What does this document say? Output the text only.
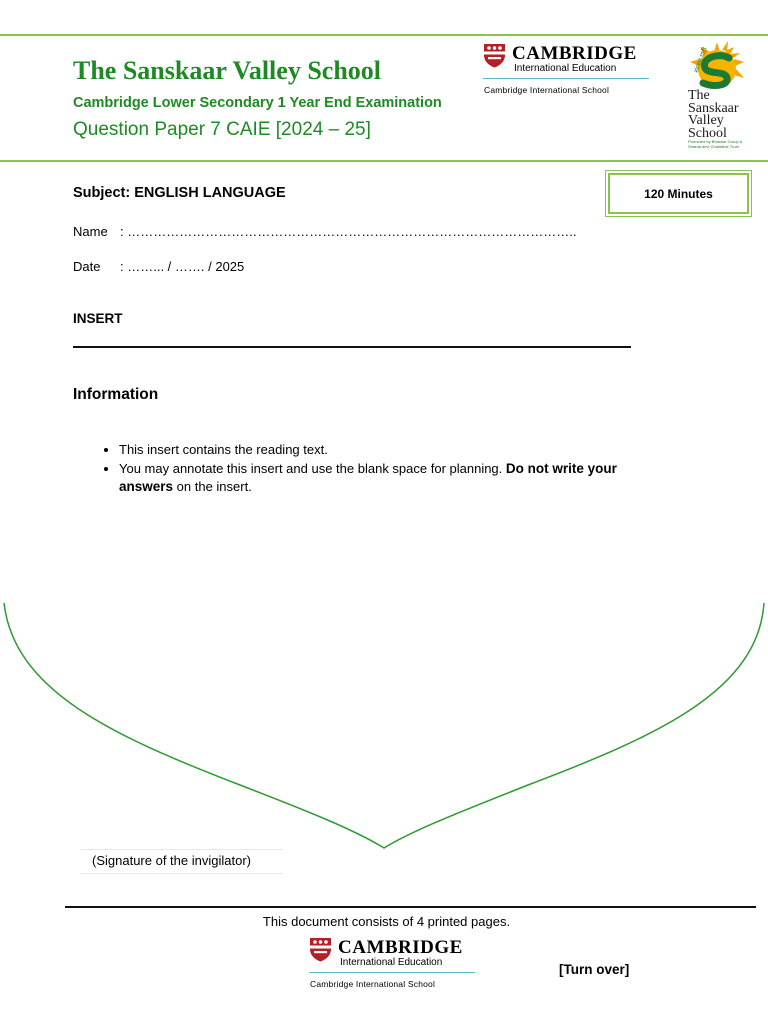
The Sanskaar Valley School
Cambridge Lower Secondary 1 Year End Examination
Question Paper 7 CAIE [2024 – 25]
CAMBRIDGE
International Education
Cambridge International School
संस्कार घाटी
The
Sanskaar
Valley
School
Promoted by Bhaskar Group & Sharda devi Charitable Trust
Subject: ENGLISH LANGUAGE	120 Minutes
Name : …………………………………………………………………………………………..
Date : ……... / ……. / 2025
INSERT
Information
• This insert contains the reading text.
• You may annotate this insert and use the blank space for planning. Do not write your answers on the insert.
(Signature of the invigilator)
This document consists of 4 printed pages.
CAMBRIDGE
International Education
Cambridge International School
[Turn over]
